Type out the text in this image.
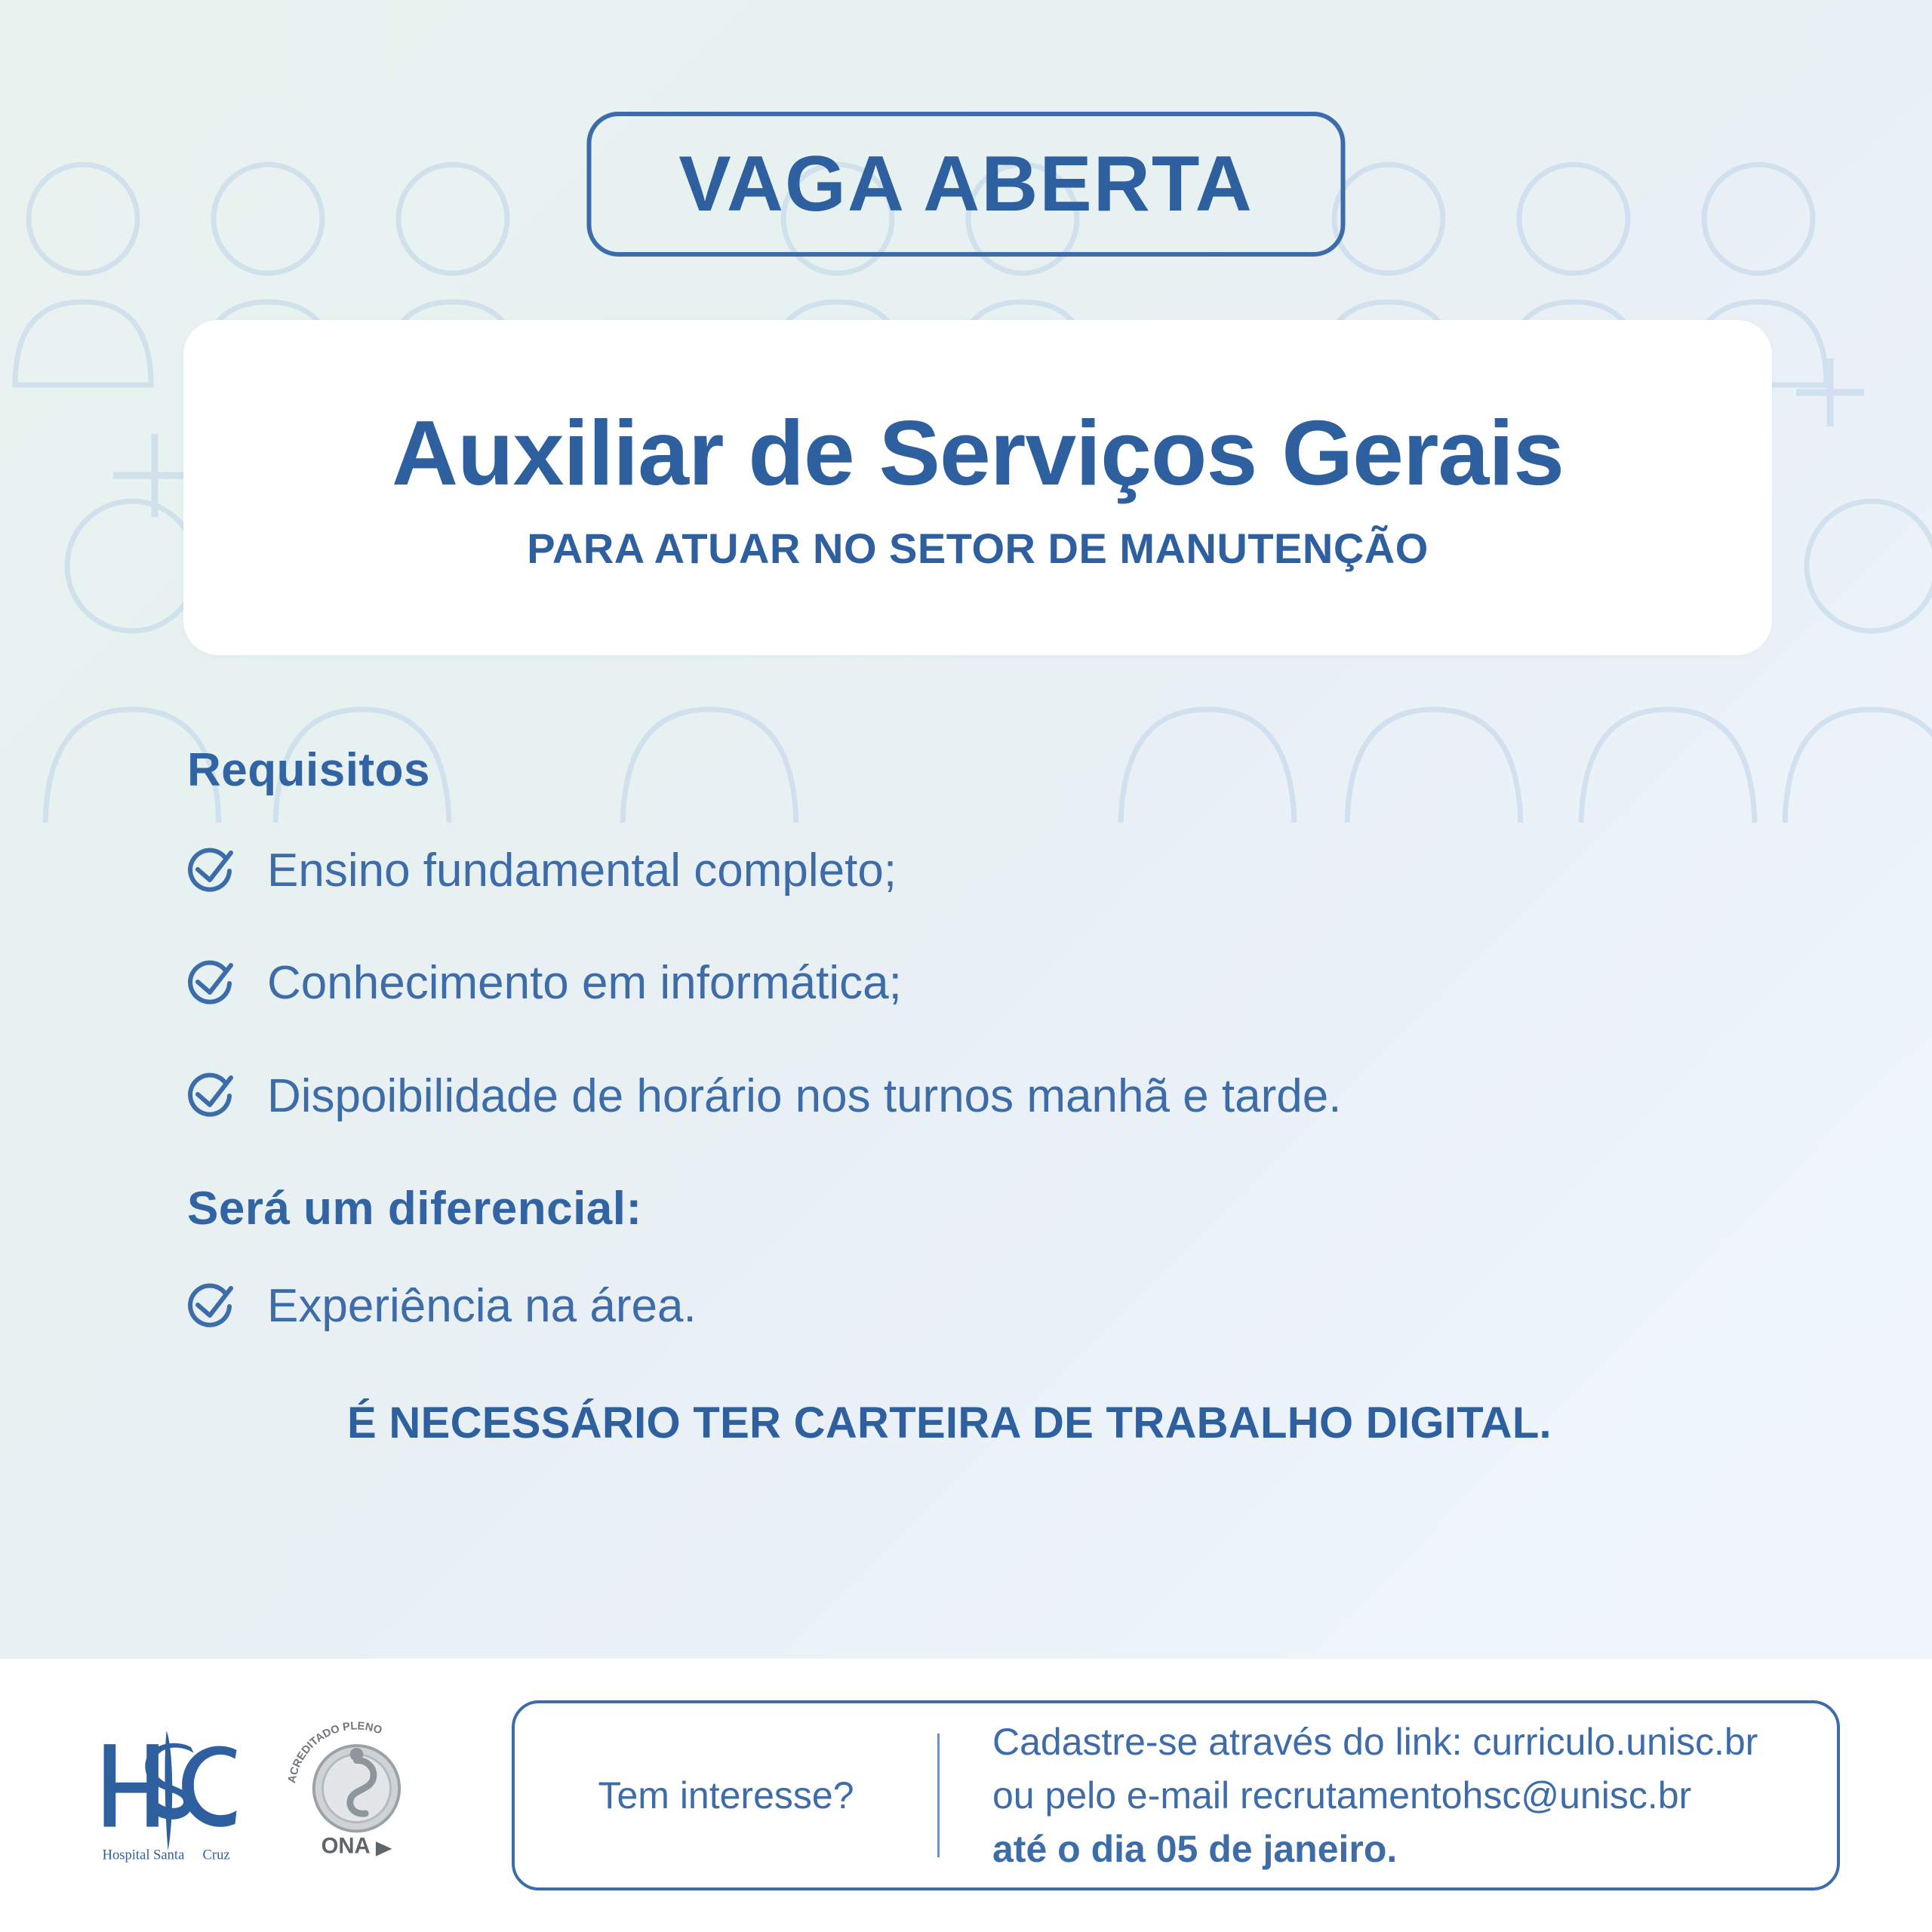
VAGA ABERTA
Auxiliar de Serviços Gerais
PARA ATUAR NO SETOR DE MANUTENÇÃO
Requisitos
Ensino fundamental completo;
Conhecimento em informática;
Dispoibilidade de horário nos turnos manhã e tarde.
Será um diferencial:
Experiência na área.
É NECESSÁRIO TER CARTEIRA DE TRABALHO DIGITAL.
Hospital Santa Cruz
ACREDITADO PLENO
ONA
Tem interesse?
Cadastre-se através do link: curriculo.unisc.br
ou pelo e-mail recrutamentohsc@unisc.br
até o dia 05 de janeiro.
